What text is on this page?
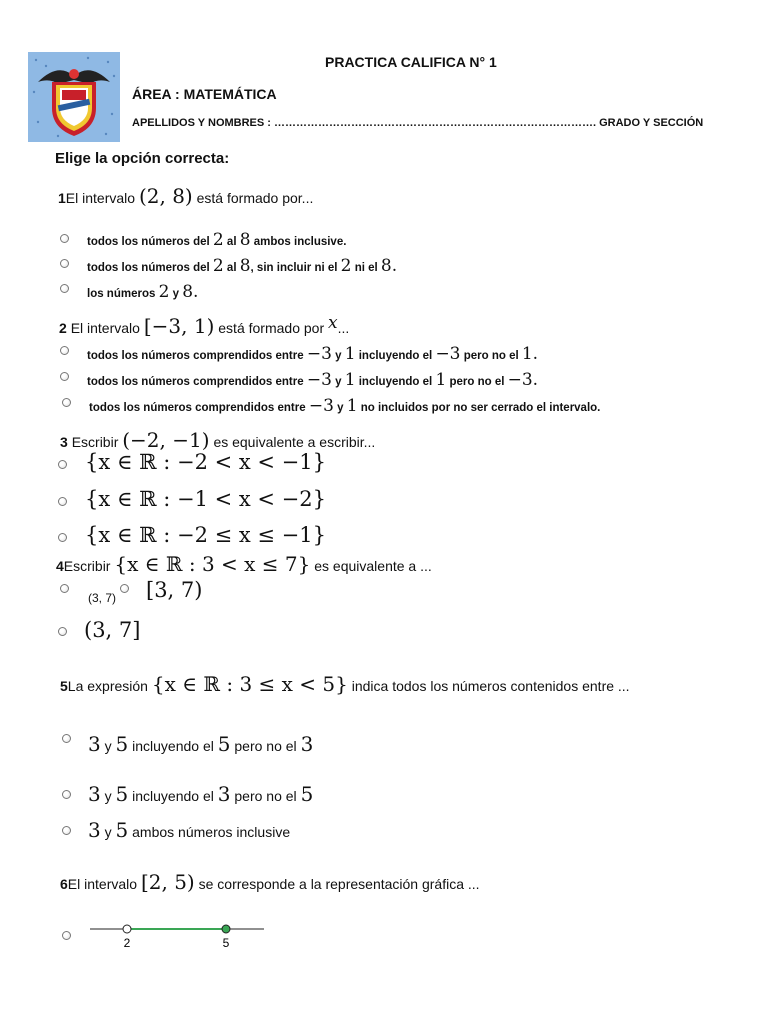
PRACTICA CALIFICA N° 1
ÁREA : MATEMÁTICA
APELLIDOS Y NOMBRES : ……………………………………………………………………………. GRADO Y SECCIÓN
Elige la opción correcta:
1El intervalo (2, 8) está formado por...
todos los números del 2 al 8 ambos inclusive.
todos los números del 2 al 8, sin incluir ni el 2 ni el 8.
los números 2 y 8.
2 El intervalo [−3, 1) está formado por x...
todos los números comprendidos entre −3 y 1 incluyendo el −3 pero no el 1.
todos los números comprendidos entre −3 y 1 incluyendo el 1 pero no el −3.
todos los números comprendidos entre −3 y 1 no incluidos por no ser cerrado el intervalo.
3 Escribir (−2, −1) es equivalente a escribir...
{x ∈ ℝ : −2 < x < −1}
{x ∈ ℝ : −1 < x < −2}
{x ∈ ℝ : −2 ≤ x ≤ −1}
4Escribir {x ∈ ℝ : 3 < x ≤ 7} es equivalente a ...
(3, 7) [3, 7)
(3, 7]
5La expresión {x ∈ ℝ : 3 ≤ x < 5} indica todos los números contenidos entre ...
3 y 5 incluyendo el 5 pero no el 3
3 y 5 incluyendo el 3 pero no el 5
3 y 5 ambos números inclusive
6El intervalo [2, 5) se corresponde a la representación gráfica ...
2	5
